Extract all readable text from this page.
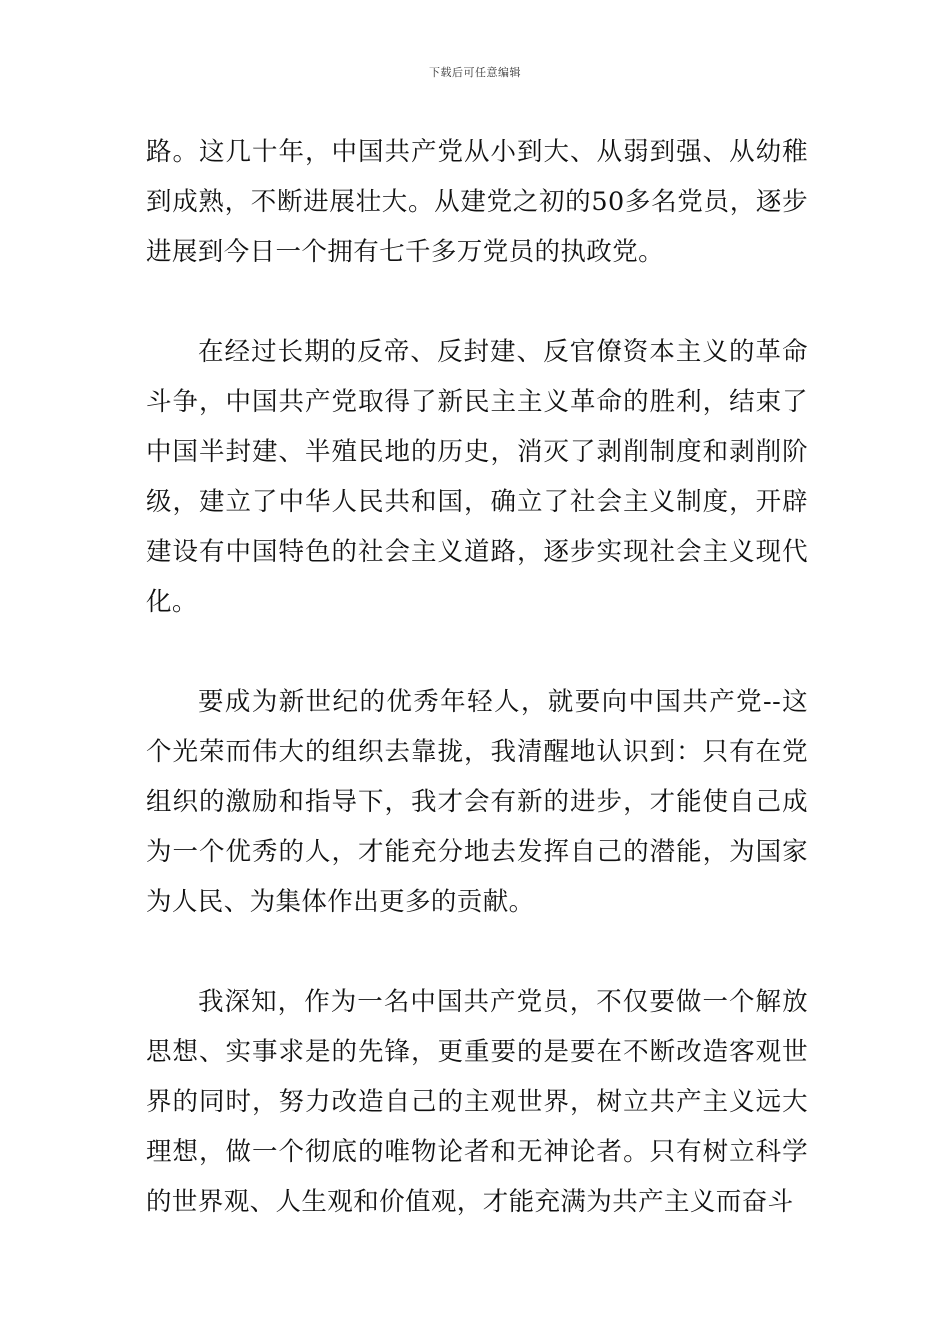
下载后可任意编辑

路。这几十年，中国共产党从小到大、从弱到强、从幼稚到成熟，不断进展壮大。从建党之初的50多名党员，逐步进展到今日一个拥有七千多万党员的执政党。

在经过长期的反帝、反封建、反官僚资本主义的革命斗争，中国共产党取得了新民主主义革命的胜利，结束了中国半封建、半殖民地的历史，消灭了剥削制度和剥削阶级，建立了中华人民共和国，确立了社会主义制度，开辟建设有中国特色的社会主义道路，逐步实现社会主义现代化。

要成为新世纪的优秀年轻人，就要向中国共产党--这个光荣而伟大的组织去靠拢，我清醒地认识到：只有在党组织的激励和指导下，我才会有新的进步，才能使自己成为一个优秀的人，才能充分地去发挥自己的潜能，为国家为人民、为集体作出更多的贡献。

我深知，作为一名中国共产党员，不仅要做一个解放思想、实事求是的先锋，更重要的是要在不断改造客观世界的同时，努力改造自己的主观世界，树立共产主义远大理想，做一个彻底的唯物论者和无神论者。只有树立科学的世界观、人生观和价值观，才能充满为共产主义而奋斗
